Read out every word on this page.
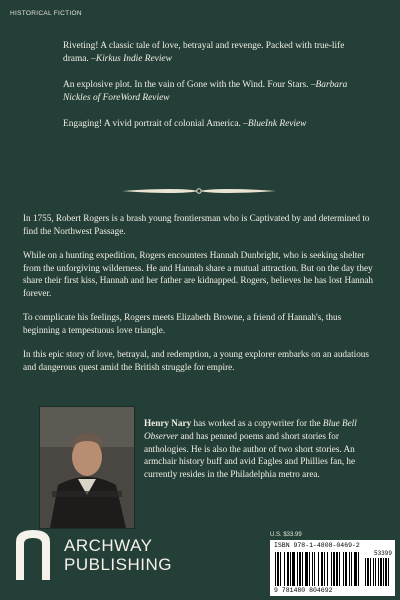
HISTORICAL FICTION

Riveting! A classic tale of love, betrayal and revenge. Packed with true-life drama. –Kirkus Indie Review

An explosive plot. In the vain of Gone with the Wind. Four Stars. –Barbara Nickles of ForeWord Review

Engaging! A vivid portrait of colonial America. –BlueInk Review

In 1755, Robert Rogers is a brash young frontiersman who is Captivated by and determined to find the Northwest Passage.

While on a hunting expedition, Rogers encounters Hannah Dunbright, who is seeking shelter from the unforgiving wilderness. He and Hannah share a mutual attraction. But on the day they share their first kiss, Hannah and her father are kidnapped. Rogers, believes he has lost Hannah forever.

To complicate his feelings, Rogers meets Elizabeth Browne, a friend of Hannah's, thus beginning a tempestuous love triangle.

In this epic story of love, betrayal, and redemption, a young explorer embarks on an audatious and dangerous quest amid the British struggle for empire.

Henry Nary has worked as a copywriter for the Blue Bell Observer and has penned poems and short stories for anthologies. He is also the author of two short stories. An armchair history buff and avid Eagles and Phillies fan, he currently resides in the Philadelphia metro area.

ARCHWAY
PUBLISHING
U.S. $33.99
ISBN 978-1-4808-0469-2
53399
9 781480 804692
